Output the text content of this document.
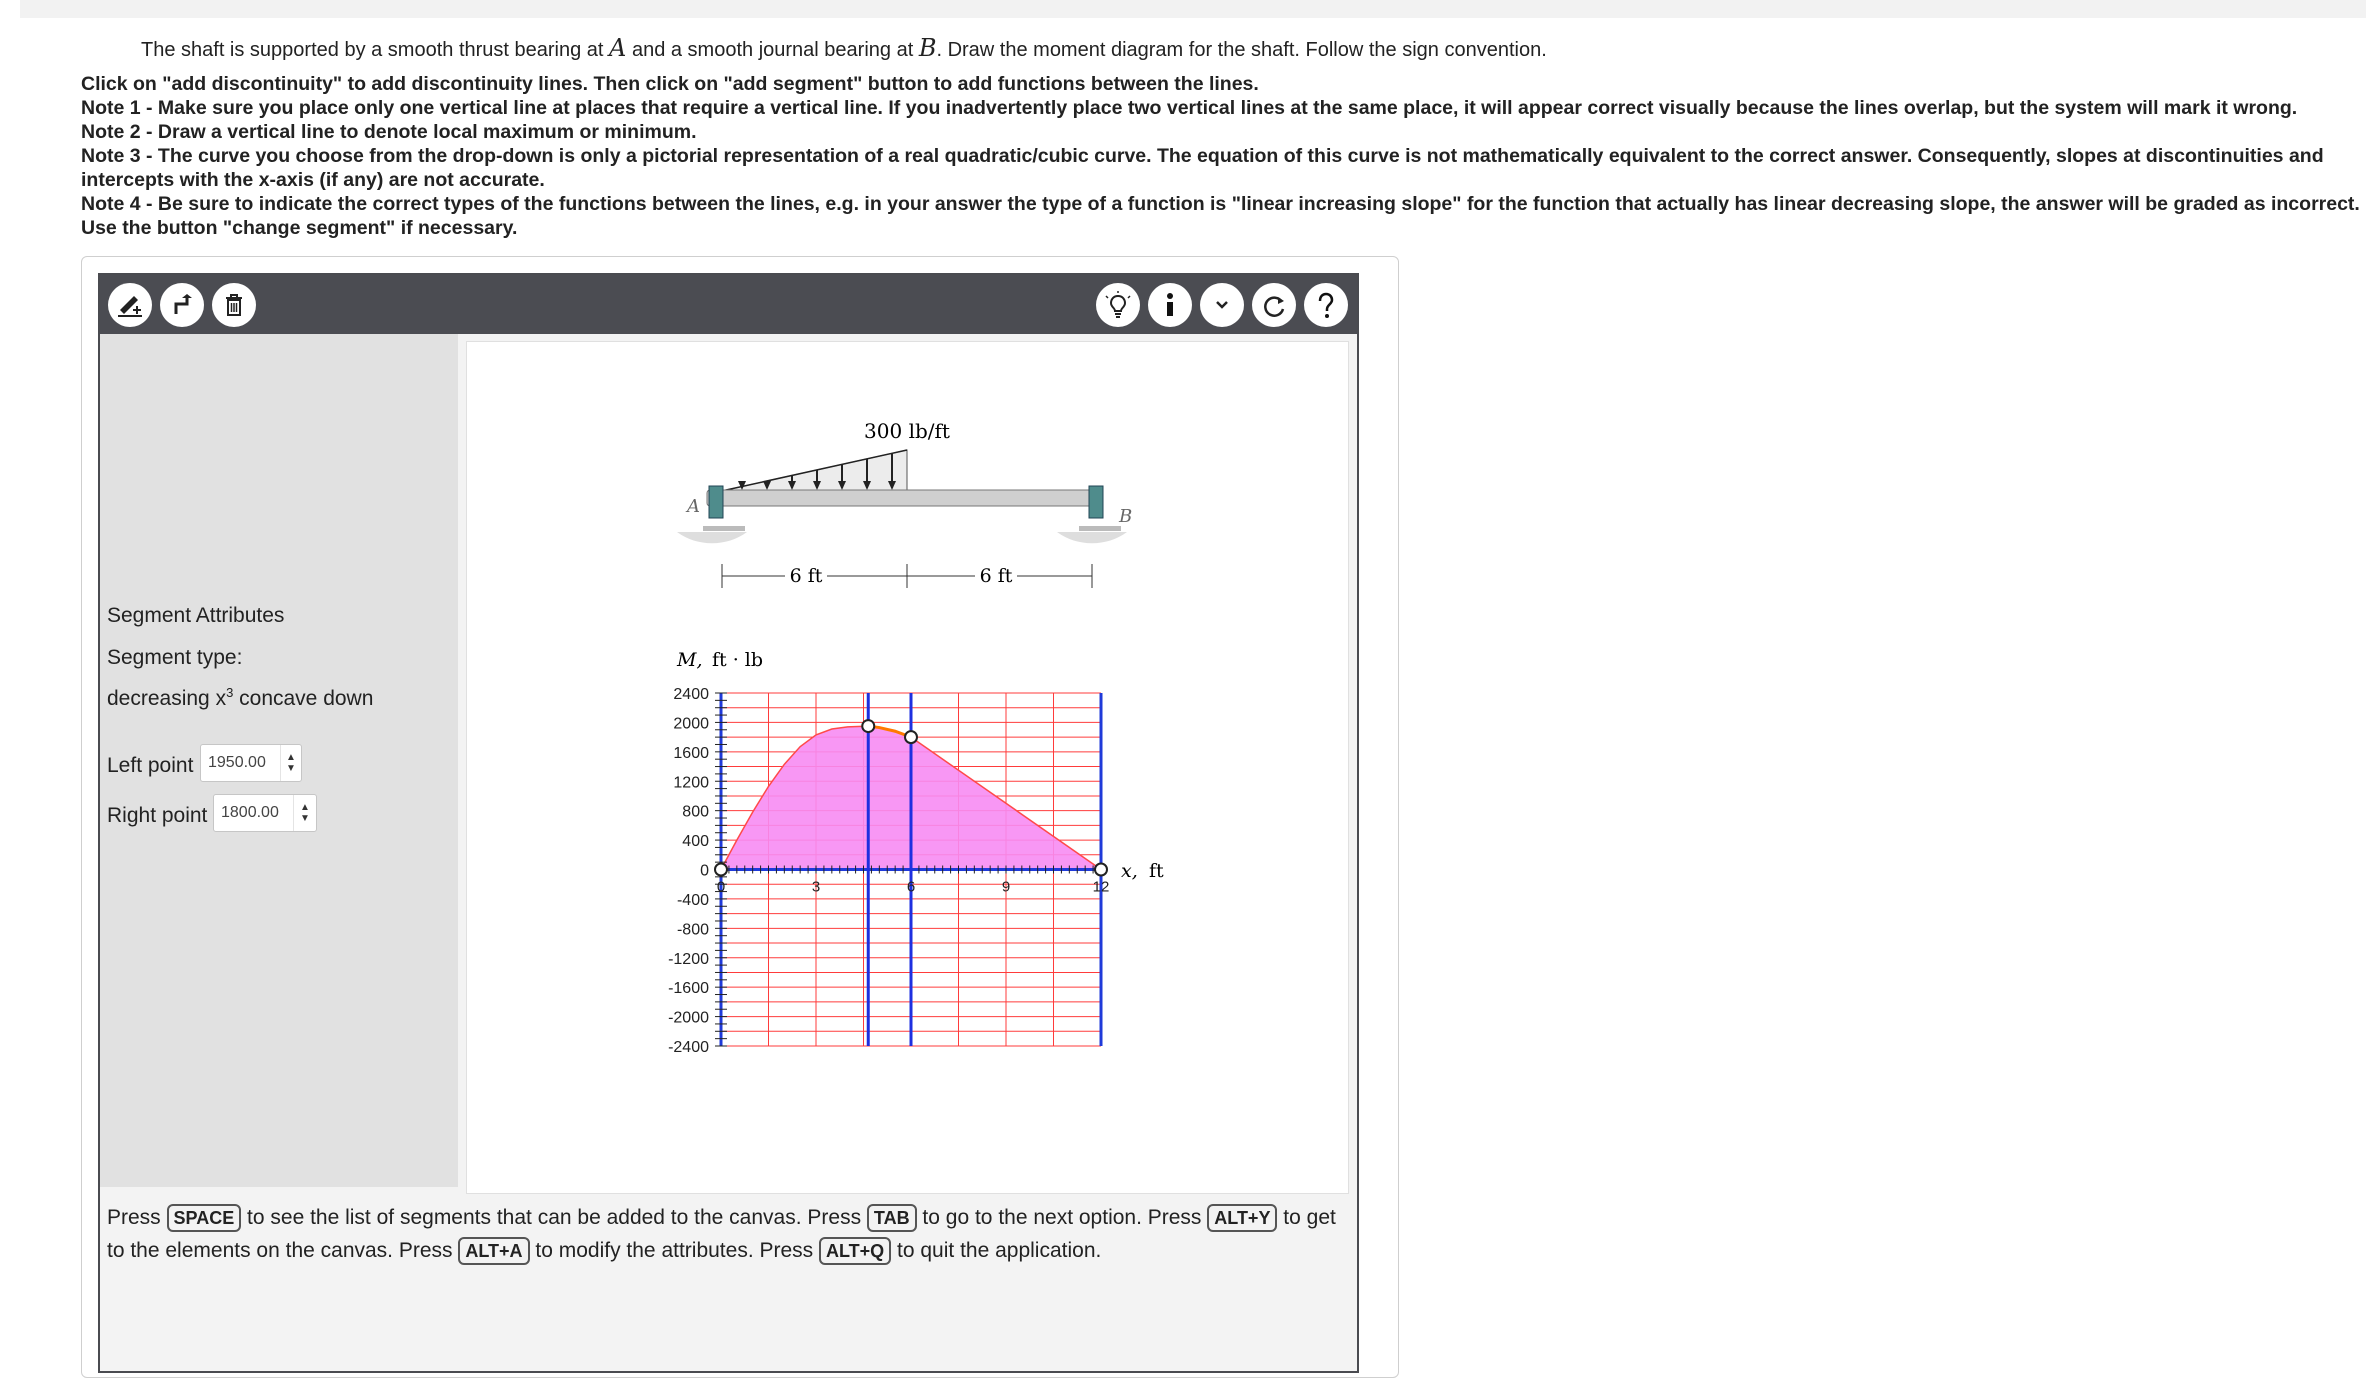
The shaft is supported by a smooth thrust bearing at A and a smooth journal bearing at B. Draw the moment diagram for the shaft. Follow the sign convention.
Click on "add discontinuity" to add discontinuity lines. Then click on "add segment" button to add functions between the lines.
Note 1 - Make sure you place only one vertical line at places that require a vertical line. If you inadvertently place two vertical lines at the same place, it will appear correct visually because the lines overlap, but the system will mark it wrong.
Note 2 - Draw a vertical line to denote local maximum or minimum.
Note 3 - The curve you choose from the drop-down is only a pictorial representation of a real quadratic/cubic curve. The equation of this curve is not mathematically equivalent to the correct answer. Consequently, slopes at discontinuities and intercepts with the x-axis (if any) are not accurate.
Note 4 - Be sure to indicate the correct types of the functions between the lines, e.g. in your answer the type of a function is "linear increasing slope" for the function that actually has linear decreasing slope, the answer will be graded as incorrect.
Use the button "change segment" if necessary.
Segment Attributes
Segment type:
decreasing $x^3$ concave down
Left point
1950.00	▲
▼
Right point
1800.00	▲
▼
300 lb/ft
A	B
6 ft	6 ft
M, ft · lb
x, ft
2400
2000
1600
1200
800
400
0
-400
-800
-1200
-1600
-2000
-2400
0	3	6	9	12
Press SPACE to see the list of segments that can be added to the canvas. Press TAB to go to the next option. Press ALT+Y to get to the elements on the canvas. Press ALT+A to modify the attributes. Press ALT+Q to quit the application.
